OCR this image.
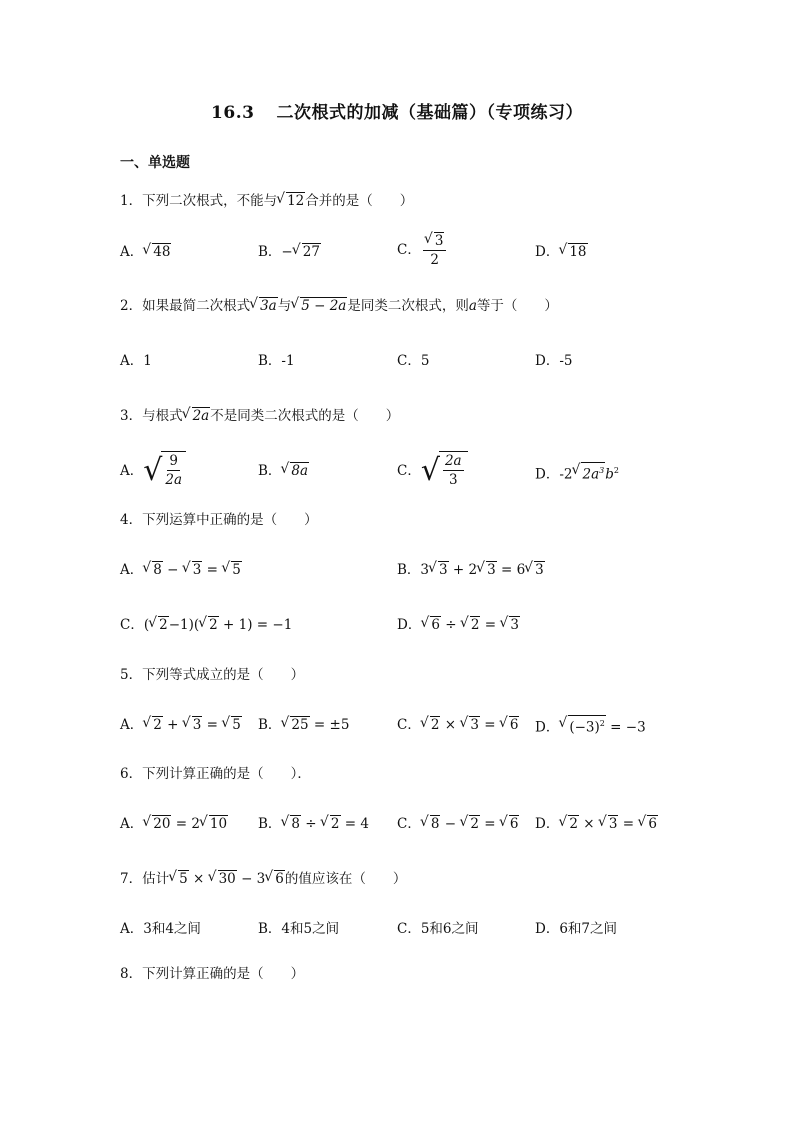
16.3 二次根式的加减（基础篇）（专项练习）
一、单选题
1．下列二次根式，不能与 √ 12合并的是（　　）
A． √ 48	B．− √ 27	C． √ $\frac{3}{2}$	D． √ 18
2．如果最简二次根式 √ 3a与 √ 5 − 2a是同类二次根式，则a等于（　　）
A．1	B．-1	C．5	D．-5
3．与根式 √ 2a不是同类二次根式的是（　　）
A． √ $\frac{9}{2a}$	B． √ 8a	C． √ $\frac{2a}{3}$	D．-2 √ $2a^3b^2$
4．下列运算中正确的是（　　）
A． √ 8 − √ 3 = √ 5	B．3 √ 3 + 2 √ 3 = 6 √ 3
C．( √ 2−1)( √ 2 + 1) = −1	D． √ 6 ÷ √ 2 = √ 3
5．下列等式成立的是（　　）
A． √ 2 + √ 3 = √ 5 B． √ 25 = ±5	C． √ 2 × √ 3 = √ 6 D． √ $(-3)^2 = -3$
6．下列计算正确的是（　　）．
A． √ 20 = 2 √ 10 B． √ 8 ÷ √ 2 = 4 C． √ 8 − √ 2 = √ 6 D． √ 2 × √ 3 = √ 6
7．估计 √ 5 × √ 30 − 3 √ 6的值应该在（　　）
A．3和4之间	B．4和5之间	C．5和6之间	D．6和7之间
8．下列计算正确的是（　　）
